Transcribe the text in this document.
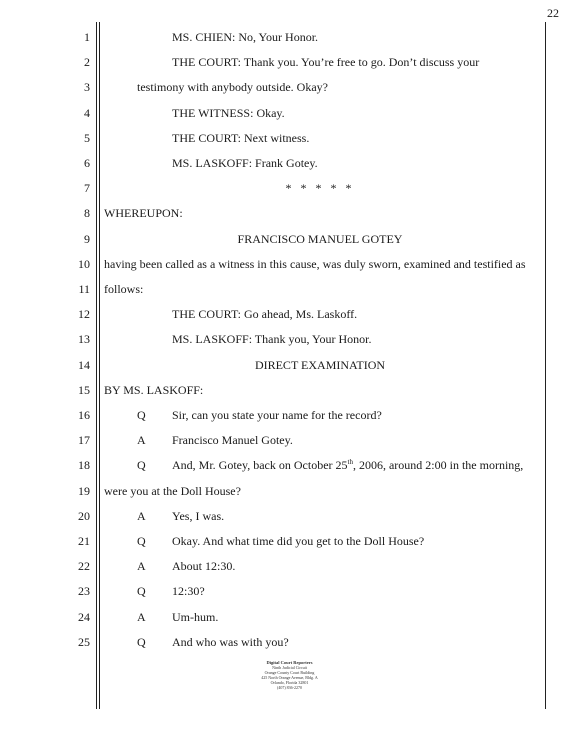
22
1	MS. CHIEN: No, Your Honor.
2	THE COURT: Thank you. You’re free to go. Don’t discuss your
3	testimony with anybody outside. Okay?
4	THE WITNESS: Okay.
5	THE COURT: Next witness.
6	MS. LASKOFF: Frank Gotey.
7	* * * * *
8 WHEREUPON:
9	FRANCISCO MANUEL GOTEY
10 having been called as a witness in this cause, was duly sworn, examined and testified as
11 follows:
12	THE COURT: Go ahead, Ms. Laskoff.
13	MS. LASKOFF: Thank you, Your Honor.
14	DIRECT EXAMINATION
15 BY MS. LASKOFF:
16	Q Sir, can you state your name for the record?
17	A Francisco Manuel Gotey.
18	Q And, Mr. Gotey, back on October 25th, 2006, around 2:00 in the morning,
19 were you at the Doll House?
20	A Yes, I was.
21	Q Okay. And what time did you get to the Doll House?
22	A About 12:30.
23	Q 12:30?
24	A Um-hum.
25	Q And who was with you?
Digital Court Reporters
Ninth Judicial Circuit
Orange County Court Building
425 North Orange Avenue, Bldg. A
Orlando, Florida 32801
(407) 836-2270
